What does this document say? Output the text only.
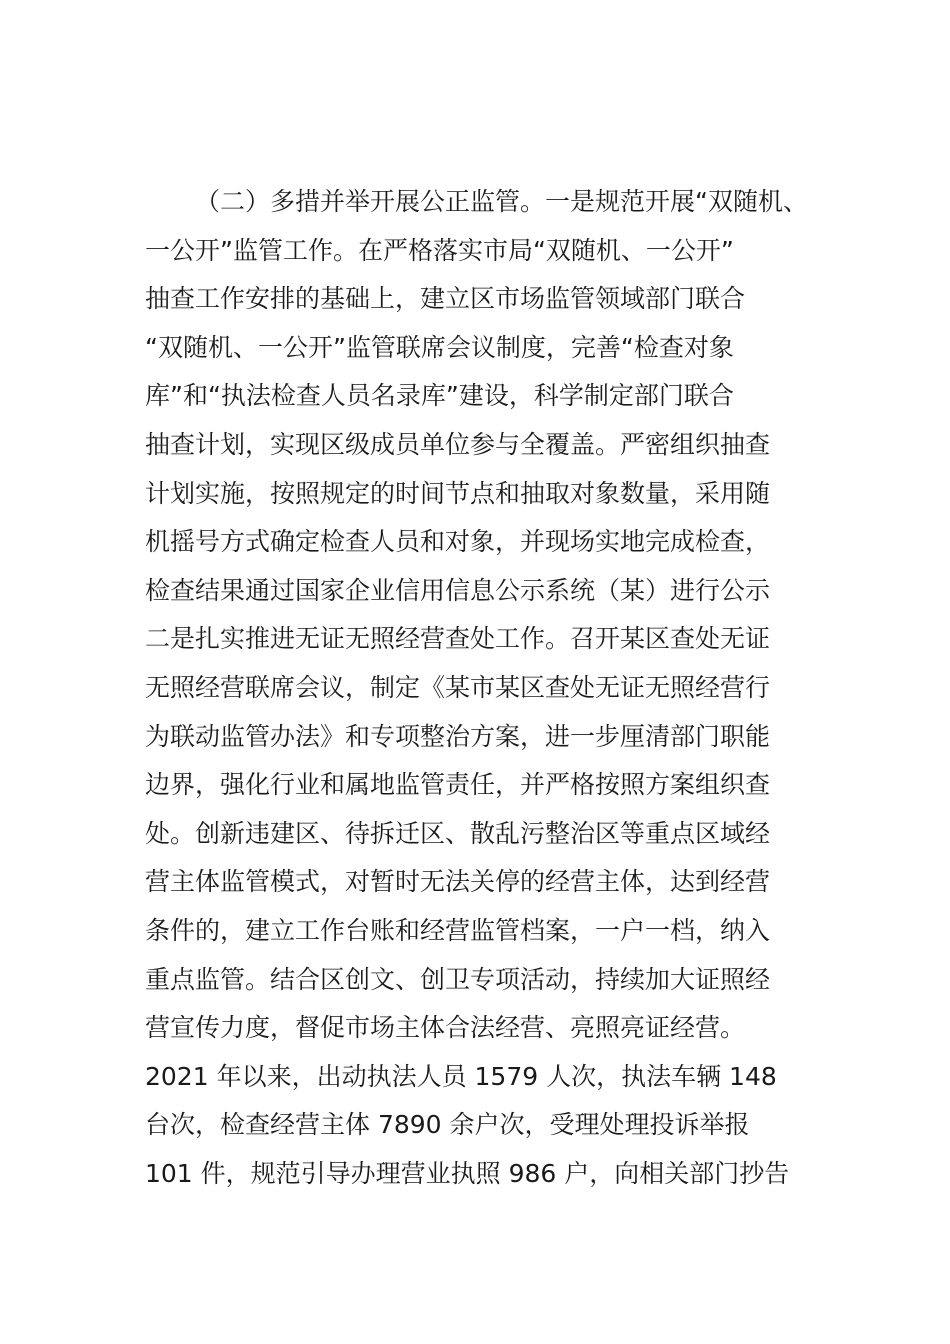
（二）多措并举开展公正监管。一是规范开展“双随机、
一公开”监管工作。在严格落实市局“双随机、一公开”
抽查工作安排的基础上，建立区市场监管领域部门联合
“双随机、一公开”监管联席会议制度，完善“检查对象
库”和“执法检查人员名录库”建设，科学制定部门联合
抽查计划，实现区级成员单位参与全覆盖。严密组织抽查
计划实施，按照规定的时间节点和抽取对象数量，采用随
机摇号方式确定检查人员和对象，并现场实地完成检查，
检查结果通过国家企业信用信息公示系统（某）进行公示
二是扎实推进无证无照经营查处工作。召开某区查处无证
无照经营联席会议，制定《某市某区查处无证无照经营行
为联动监管办法》和专项整治方案，进一步厘清部门职能
边界，强化行业和属地监管责任，并严格按照方案组织查
处。创新违建区、待拆迁区、散乱污整治区等重点区域经
营主体监管模式，对暂时无法关停的经营主体，达到经营
条件的，建立工作台账和经营监管档案，一户一档，纳入
重点监管。结合区创文、创卫专项活动，持续加大证照经
营宣传力度，督促市场主体合法经营、亮照亮证经营。
2021 年以来，出动执法人员 1579 人次，执法车辆 148
台次，检查经营主体 7890 余户次，受理处理投诉举报
101 件，规范引导办理营业执照 986 户，向相关部门抄告
